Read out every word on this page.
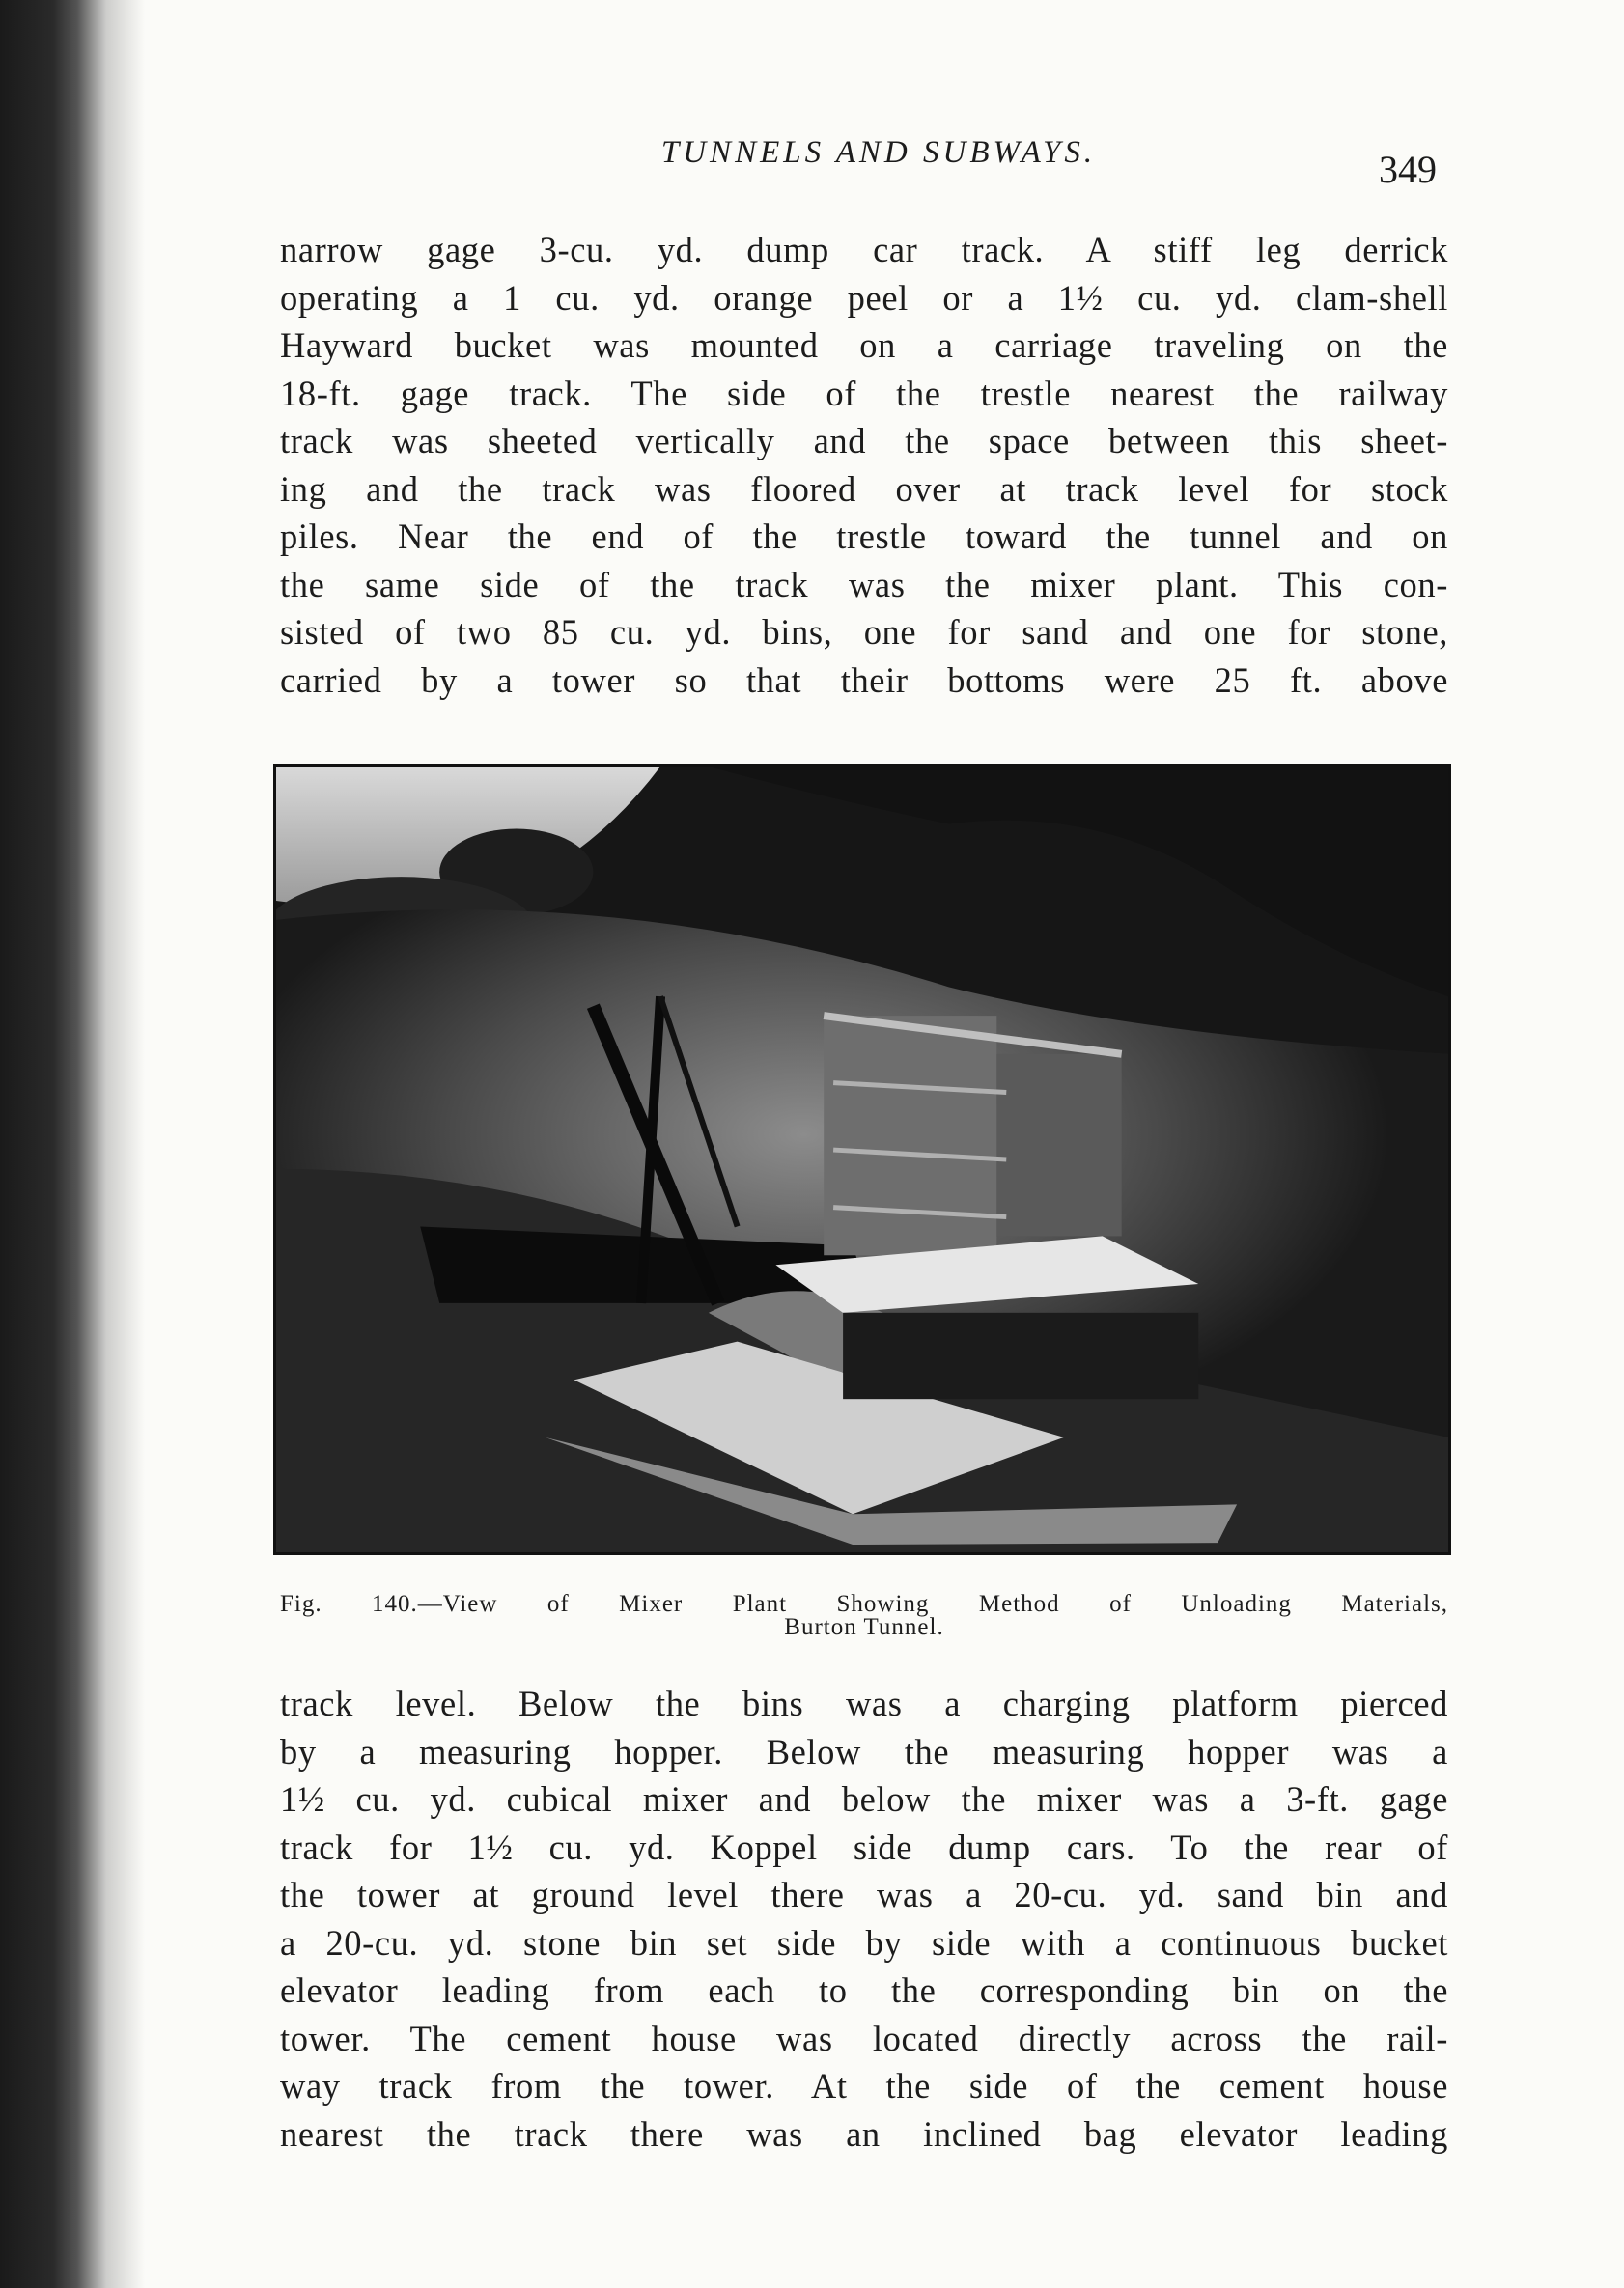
TUNNELS AND SUBWAYS.	349

narrow gage 3-cu. yd. dump car track. A stiff leg derrick
operating a 1 cu. yd. orange peel or a 1½ cu. yd. clam-shell
Hayward bucket was mounted on a carriage traveling on the
18-ft. gage track. The side of the trestle nearest the railway
track was sheeted vertically and the space between this sheet-
ing and the track was floored over at track level for stock
piles. Near the end of the trestle toward the tunnel and on
the same side of the track was the mixer plant. This con-
sisted of two 85 cu. yd. bins, one for sand and one for stone,
carried by a tower so that their bottoms were 25 ft. above

Fig. 140.—View of Mixer Plant Showing Method of Unloading Materials,
Burton Tunnel.

track level. Below the bins was a charging platform pierced
by a measuring hopper. Below the measuring hopper was a
1½ cu. yd. cubical mixer and below the mixer was a 3-ft. gage
track for 1½ cu. yd. Koppel side dump cars. To the rear of
the tower at ground level there was a 20-cu. yd. sand bin and
a 20-cu. yd. stone bin set side by side with a continuous bucket
elevator leading from each to the corresponding bin on the
tower. The cement house was located directly across the rail-
way track from the tower. At the side of the cement house
nearest the track there was an inclined bag elevator leading
